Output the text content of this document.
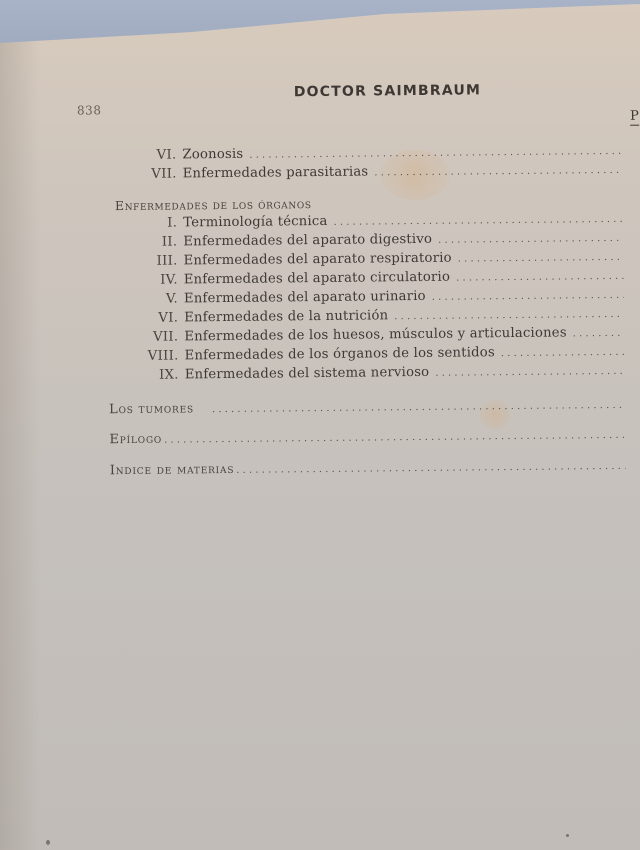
838
DOCTOR SAIMBRAUM
P
VI. Zoonosis
. . .
VII. Enfermedades parasitarias
. . .
Enfermedades de los órganos
I. Terminología técnica
. . .
II. Enfermedades del aparato digestivo
. . .
III. Enfermedades del aparato respiratorio
. . .
IV. Enfermedades del aparato circulatorio
. . .
V. Enfermedades del aparato urinario
. . .
VI. Enfermedades de la nutrición
. . .
VII. Enfermedades de los huesos, músculos y articulaciones
. . .
VIII. Enfermedades de los órganos de los sentidos
. . .
IX. Enfermedades del sistema nervioso
. . .
Los tumores
. . .
Epílogo
. . .
Indice de materias
. . .
